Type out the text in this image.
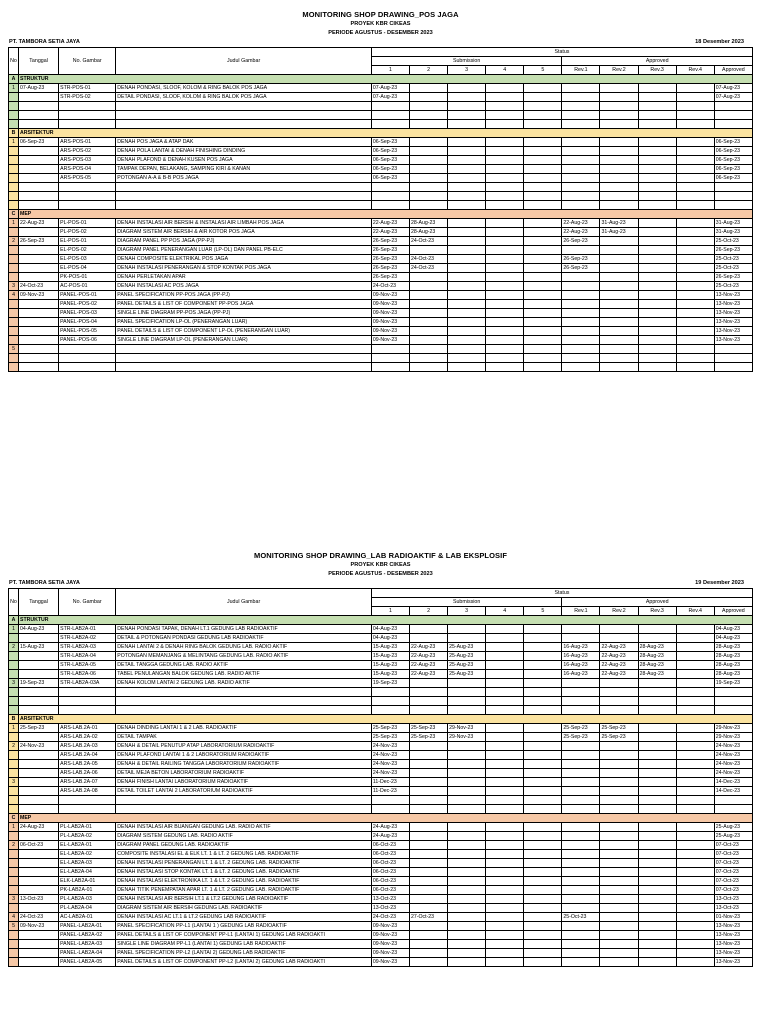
MONITORING SHOP DRAWING_POS JAGA
PROYEK KBR CIKEAS
PERIODE AGUSTUS - DESEMBER 2023
PT. TAMBORA SETIA JAYA	18 Desember 2023
No	Tanggal	No. Gambar	Judul Gambar	Status									
				Submission					Approved				
				1	2	3	4	5	Rev.1	Rev.2	Rev.3	Rev.4	Approved
A	STRUKTUR												
1	07-Aug-23	STR-POS-01	DENAH PONDASI, SLOOF, KOLOM & RING BALOK POS JAGA	07-Aug-23									07-Aug-23
		STR-POS-02	DETAIL PONDASI, SLOOF, KOLOM & RING BALOK POS JAGA	07-Aug-23									07-Aug-23

B	ARSITEKTUR												
1	06-Sep-23	ARS-POS-01	DENAH POS JAGA & ATAP DAK	06-Sep-23									06-Sep-23
		ARS-POS-02	DENAH POLA LANTAI & DENAH FINISHING DINDING	06-Sep-23									06-Sep-23
		ARS-POS-03	DENAH PLAFOND & DENAH KUSEN POS JAGA	06-Sep-23									06-Sep-23
		ARS-POS-04	TAMPAK DEPAN, BELAKANG, SAMPING KIRI & KANAN	06-Sep-23									06-Sep-23
		ARS-POS-05	POTONGAN A-A & B-B POS JAGA	06-Sep-23									06-Sep-23

C	MEP												
1	22-Aug-23	PL-POS-01	DENAH INSTALASI AIR BERSIH & INSTALASI AIR LIMBAH POS JAGA	22-Aug-23	28-Aug-23				22-Aug-23	31-Aug-23			31-Aug-23
		PL-POS-02	DIAGRAM SISTEM AIR BERSIH & AIR KOTOR POS JAGA	22-Aug-23	28-Aug-23				22-Aug-23	31-Aug-23			31-Aug-23
2	26-Sep-23	EL-POS-01	DIAGRAM PANEL PP POS JAGA (PP-PJ)	26-Sep-23	24-Oct-23				26-Sep-23				25-Oct-23
		EL-POS-02	DIAGRAM PANEL PENERANGAN LUAR (LP-OL) DAN PANEL PB-ELC	26-Sep-23									26-Sep-23
		EL-POS-03	DENAH COMPOSITE ELEKTRIKAL POS JAGA	26-Sep-23	24-Oct-23				26-Sep-23				25-Oct-23
		EL-POS-04	DENAH INSTALASI PENERANGAN & STOP KONTAK POS JAGA	26-Sep-23	24-Oct-23				26-Sep-23				25-Oct-23
		PK-POS-01	DENAH PERLETAKAN APAR	26-Sep-23									26-Sep-23
3	24-Oct-23	AC-POS-01	DENAH INSTALASI AC POS JAGA	24-Oct-23									25-Oct-23
4	09-Nov-23	PANEL-POS-01	PANEL SPECIFICATION PP-POS JAGA (PP-PJ)	09-Nov-23									13-Nov-23
		PANEL-POS-02	PANEL DETAILS & LIST OF COMPONENT PP-POS JAGA	09-Nov-23									13-Nov-23
		PANEL-POS-03	SINGLE LINE DIAGRAM PP-POS JAGA (PP-PJ)	09-Nov-23									13-Nov-23
		PANEL-POS-04	PANEL SPECIFICATION LP-OL (PENERANGAN LUAR)	09-Nov-23									13-Nov-23
		PANEL-POS-05	PANEL DETAILS & LIST OF COMPONENT LP-OL (PENERANGAN LUAR)	09-Nov-23									13-Nov-23
		PANEL-POS-06	SINGLE LINE DIAGRAM LP-OL (PENERANGAN LUAR)	09-Nov-23									13-Nov-23
5													

MONITORING SHOP DRAWING_LAB RADIOAKTIF & LAB EKSPLOSIF
PROYEK KBR CIKEAS
PERIODE AGUSTUS - DESEMBER 2023
PT. TAMBORA SETIA JAYA	19 Desember 2023
No	Tanggal	No. Gambar	Judul Gambar	Status									
				Submission					Approved				
				1	2	3	4	5	Rev.1	Rev.2	Rev.3	Rev.4	Approved
A	STRUKTUR												
1	04-Aug-23	STR-LAB2A-01	DENAH PONDASI TAPAK, DENAH LT.1 GEDUNG LAB RADIOAKTIF	04-Aug-23									04-Aug-23
		STR-LAB2A-02	DETAIL & POTONGAN PONDASI GEDUNG LAB RADIOAKTIF	04-Aug-23									04-Aug-23
2	15-Aug-23	STR-LAB2A-03	DENAH LANTAI 2 & DENAH RING BALOK GEDUNG LAB. RADIO AKTIF	15-Aug-23	22-Aug-23	25-Aug-23			16-Aug-23	22-Aug-23	28-Aug-23		28-Aug-23
		STR-LAB2A-04	POTONGAN MEMANJANG & MELINTANG GEDUNG LAB. RADIO AKTIF	15-Aug-23	22-Aug-23	25-Aug-23			16-Aug-23	22-Aug-23	28-Aug-23		28-Aug-23
		STR-LAB2A-05	DETAIL TANGGA GEDUNG LAB. RADIO AKTIF	15-Aug-23	22-Aug-23	25-Aug-23			16-Aug-23	22-Aug-23	28-Aug-23		28-Aug-23
		STR-LAB2A-06	TABEL PENULANGAN BALOK GEDUNG LAB. RADIO AKTIF	15-Aug-23	22-Aug-23	25-Aug-23			16-Aug-23	22-Aug-23	28-Aug-23		28-Aug-23
3	19-Sep-23	STR-LAB2A-03A	DENAH KOLOM LANTAI 2 GEDUNG LAB. RADIO AKTIF	19-Sep-23									19-Sep-23

B	ARSITEKTUR												
1	25-Sep-23	ARS-LAB.2A-01	DENAH DINDING LANTAI 1 & 2 LAB. RADIOAKTIF	25-Sep-23	25-Sep-23	29-Nov-23			25-Sep-23	25-Sep-23			29-Nov-23
		ARS-LAB.2A-02	DETAIL TAMPAK	25-Sep-23	25-Sep-23	29-Nov-23			25-Sep-23	25-Sep-23			29-Nov-23
2	24-Nov-23	ARS-LAB.2A-03	DENAH & DETAIL PENUTUP ATAP LABORATORIUM RADIOAKTIF	24-Nov-23									24-Nov-23
		ARS-LAB.2A-04	DENAH PLAFOND LANTAI 1 & 2 LABORATORIUM RADIOAKTIF	24-Nov-23									24-Nov-23
		ARS-LAB.2A-05	DENAH & DETAIL RAILING TANGGA LABORATORIUM RADIOAKTIF	24-Nov-23									24-Nov-23
		ARS-LAB.2A-06	DETAIL MEJA BETON LABORATORIUM RADIOAKTIF	24-Nov-23									24-Nov-23
3		ARS-LAB.2A-07	DENAH FINISH LANTAI LABORATORIUM RADIOAKTIF	11-Dec-23									14-Dec-23
		ARS-LAB.2A-08	DETAIL TOILET LANTAI 2 LABORATORIUM RADIOAKTIF	11-Dec-23									14-Dec-23

C	MEP												
1	24-Aug-23	PL-LAB2A-01	DENAH INSTALASI AIR BUANGAN GEDUNG LAB. RADIO AKTIF	24-Aug-23									25-Aug-23
		PL-LAB2A-02	DIAGRAM SISTEM GEDUNG LAB. RADIO AKTIF	24-Aug-23									25-Aug-23
2	06-Oct-23	EL-LAB2A-01	DIAGRAM PANEL GEDUNG LAB. RADIOAKTIF	06-Oct-23									07-Oct-23
		EL-LAB2A-02	COMPOSITE INSTALASI EL & ELK LT. 1 & LT. 2 GEDUNG LAB. RADIOAKTIF	06-Oct-23									07-Oct-23
		EL-LAB2A-03	DENAH INSTALASI PENERANGAN LT. 1 & LT. 2 GEDUNG LAB. RADIOAKTIF	06-Oct-23									07-Oct-23
		EL-LAB2A-04	DENAH INSTALASI STOP KONTAK LT. 1 & LT. 2 GEDUNG LAB. RADIOAKTIF	06-Oct-23									07-Oct-23
		ELK-LAB2A-01	DENAH INSTALASI ELEKTRONIKA LT. 1 & LT. 2 GEDUNG LAB. RADIOAKTIF	06-Oct-23									07-Oct-23
		PK-LAB2A-01	DENAH TITIK PENEMPATAN APAR LT. 1 & LT. 2 GEDUNG LAB. RADIOAKTIF	06-Oct-23									07-Oct-23
3	13-Oct-23	PL-LAB2A-03	DENAH INSTALASI AIR BERSIH LT.1 & LT.2 GEDUNG LAB RADIOAKTIF	13-Oct-23									13-Oct-23
		PL-LAB2A-04	DIAGRAM SISTEM AIR BERSIH GEDUNG LAB. RADIOAKTIF	13-Oct-23									13-Oct-23
4	24-Oct-23	AC-LAB2A-01	DENAH INSTALASI AC LT.1 & LT.2 GEDUNG LAB RADIOAKTIF	24-Oct-23	27-Oct-23				25-Oct-23				01-Nov-23
5	09-Nov-23	PANEL-LAB2A-01	PANEL SPECIFICATION PP-L1 (LANTAI 1 ) GEDUNG LAB RADIOAKTIF	09-Nov-23									13-Nov-23
		PANEL-LAB2A-02	PANEL DETAILS & LIST OF COMPONENT PP-L1 (LANTAI 1) GEDUNG LAB RADIOAKTI	09-Nov-23									13-Nov-23
		PANEL-LAB2A-03	SINGLE LINE DIAGRAM PP-L1 (LANTAI 1) GEDUNG LAB RADIOAKTIF	09-Nov-23									13-Nov-23
		PANEL-LAB2A-04	PANEL SPECIFICATION PP-L2 (LANTAI 2) GEDUNG LAB RADIOAKTIF	09-Nov-23									13-Nov-23
		PANEL-LAB2A-05	PANEL DETAILS & LIST OF COMPONENT PP-L2 (LANTAI 2) GEDUNG LAB RADIOAKTI	09-Nov-23									13-Nov-23
